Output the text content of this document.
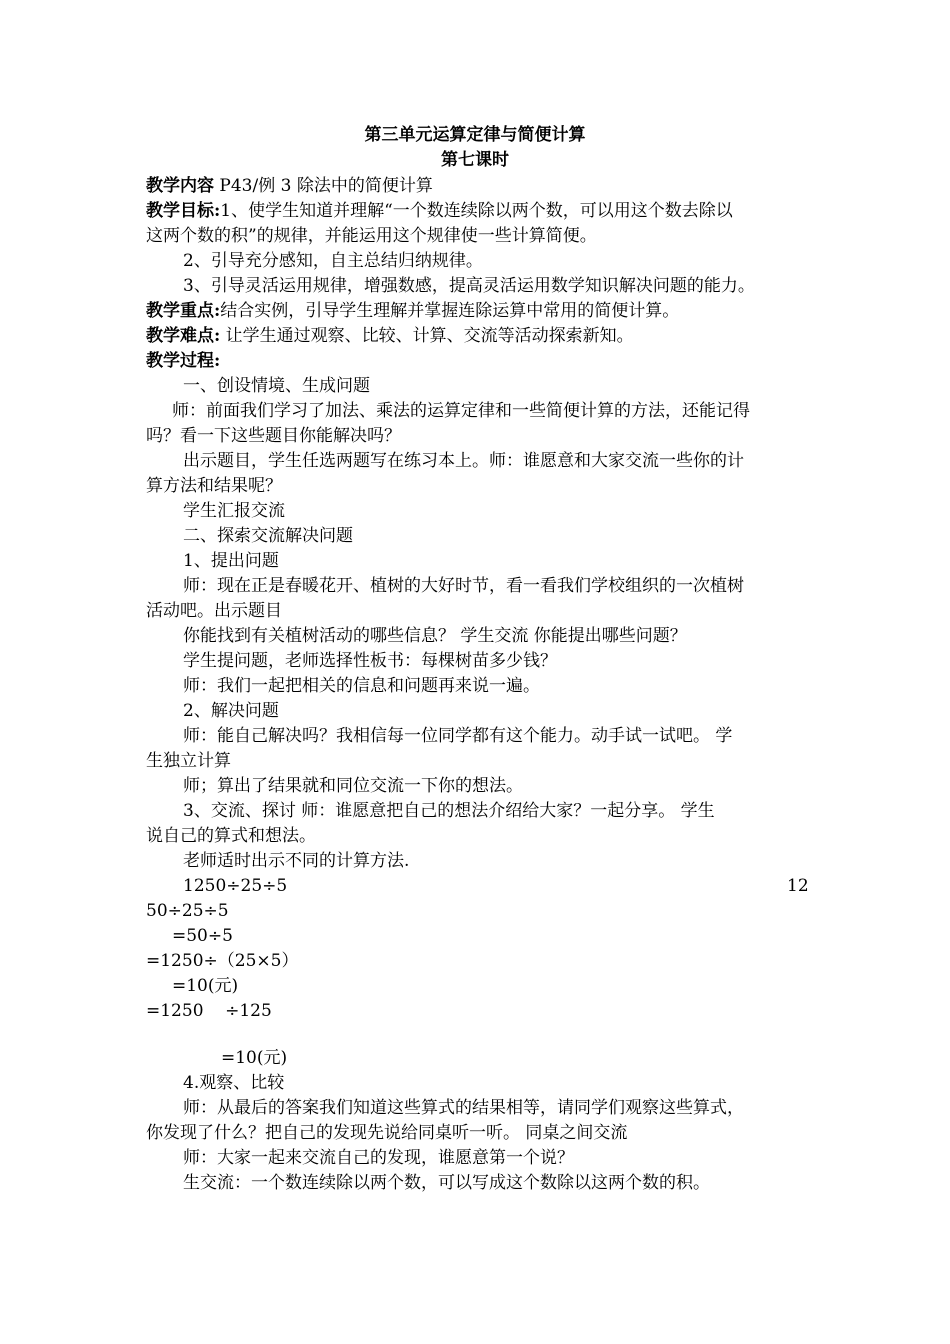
第三单元运算定律与简便计算
第七课时
教学内容 P43/例 3 除法中的简便计算
教学目标:1、使学生知道并理解“一个数连续除以两个数，可以用这个数去除以
这两个数的积”的规律，并能运用这个规律使一些计算简便。
2、引导充分感知，自主总结归纳规律。
3、引导灵活运用规律，增强数感，提高灵活运用数学知识解决问题的能力。
教学重点:结合实例，引导学生理解并掌握连除运算中常用的简便计算。
教学难点: 让学生通过观察、比较、计算、交流等活动探索新知。
教学过程:
一、创设情境、生成问题
师：前面我们学习了加法、乘法的运算定律和一些简便计算的方法，还能记得
吗？看一下这些题目你能解决吗？
出示题目，学生任选两题写在练习本上。师：谁愿意和大家交流一些你的计
算方法和结果呢？
学生汇报交流
二、探索交流解决问题
1、提出问题
师：现在正是春暖花开、植树的大好时节，看一看我们学校组织的一次植树
活动吧。出示题目
你能找到有关植树活动的哪些信息？ 学生交流 你能提出哪些问题？
学生提问题，老师选择性板书：每棵树苗多少钱？
师：我们一起把相关的信息和问题再来说一遍。
2、解决问题
师：能自己解决吗？我相信每一位同学都有这个能力。动手试一试吧。 学
生独立计算
师；算出了结果就和同位交流一下你的想法。
3、交流、探讨 师：谁愿意把自己的想法介绍给大家？一起分享。 学生
说自己的算式和想法。
老师适时出示不同的计算方法.
1250÷25÷5	12
50÷25÷5
=50÷5
=1250÷（25×5）
=10(元)
=1250    ÷125
=10(元)
4.观察、比较
师：从最后的答案我们知道这些算式的结果相等，请同学们观察这些算式，
你发现了什么？把自己的发现先说给同桌听一听。 同桌之间交流
师：大家一起来交流自己的发现，谁愿意第一个说？
生交流：一个数连续除以两个数，可以写成这个数除以这两个数的积。
